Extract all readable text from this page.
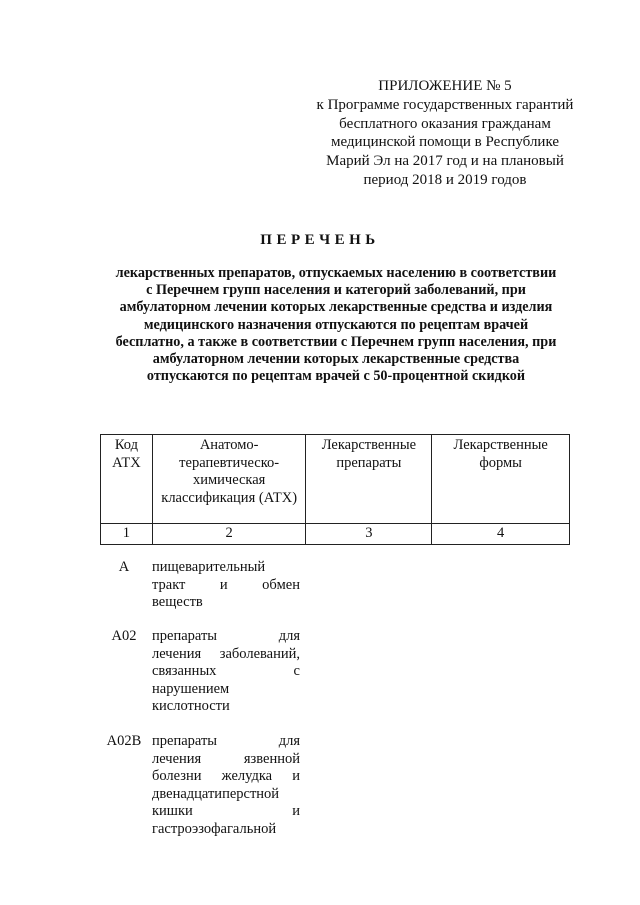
ПРИЛОЖЕНИЕ № 5
к Программе государственных гарантий
бесплатного оказания гражданам
медицинской помощи в Республике
Марий Эл на 2017 год и на плановый
период 2018 и 2019 годов
ПЕРЕЧЕНЬ
лекарственных препаратов, отпускаемых населению в соответствии
с Перечнем групп населения и категорий заболеваний, при
амбулаторном лечении которых лекарственные средства и изделия
медицинского назначения отпускаются по рецептам врачей
бесплатно, а также в соответствии с Перечнем групп населения, при
амбулаторном лечении которых лекарственные средства
отпускаются по рецептам врачей с 50-процентной скидкой
Код АТХ	Анатомо- терапевтическо- химическая классификация (АТХ)	Лекарственные препараты	Лекарственные формы
1	2	3	4
А	пищеварительный
тракт и обмен
веществ
А02	препараты для
лечения заболеваний,
связанных с
нарушением
кислотности
А02В препараты для
лечения язвенной
болезни желудка и
двенадцатиперстной
кишки и
гастроэзофагальной
